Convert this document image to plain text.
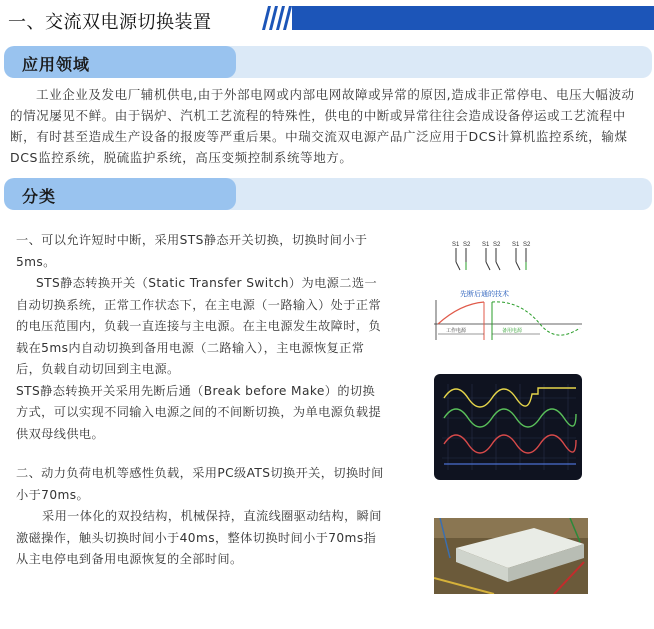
一、交流双电源切换装置
应用领域

工业企业及发电厂辅机供电,由于外部电网或内部电网故障或异常的原因,造成非正常停电、电压大幅波动的情况屡见不鲜。由于锅炉、汽机工艺流程的特殊性，供电的中断或异常往往会造成设备停运或工艺流程中断，有时甚至造成生产设备的报废等严重后果。中瑞交流双电源产品广泛应用于DCS计算机监控系统，输煤DCS监控系统，脱硫监护系统，高压变频控制系统等地方。

分类

一、可以允许短时中断，采用STS静态开关切换，切换时间小于5ms。

STS静态转换开关（Static Transfer Switch）为电源二选一自动切换系统，正常工作状态下，在主电源（一路输入）处于正常的电压范围内，负载一直连接与主电源。在主电源发生故障时，负载在5ms内自动切换到备用电源（二路输入），主电源恢复正常后，负载自动切回到主电源。

STS静态转换开关采用先断后通（Break before Make）的切换方式，可以实现不同输入电源之间的不间断切换，为单电源负载提供双母线供电。

二、动力负荷电机等感性负载，采用PC级ATS切换开关，切换时间小于70ms。

采用一体化的双投结构，机械保持，直流线圈驱动结构，瞬间激磁操作，触头切换时间小于40ms，整体切换时间小于70ms指从主电停电到备用电源恢复的全部时间。

S1 S2 S1 S2 S1 S2
先断后通的技术
工作电源	备用电源
